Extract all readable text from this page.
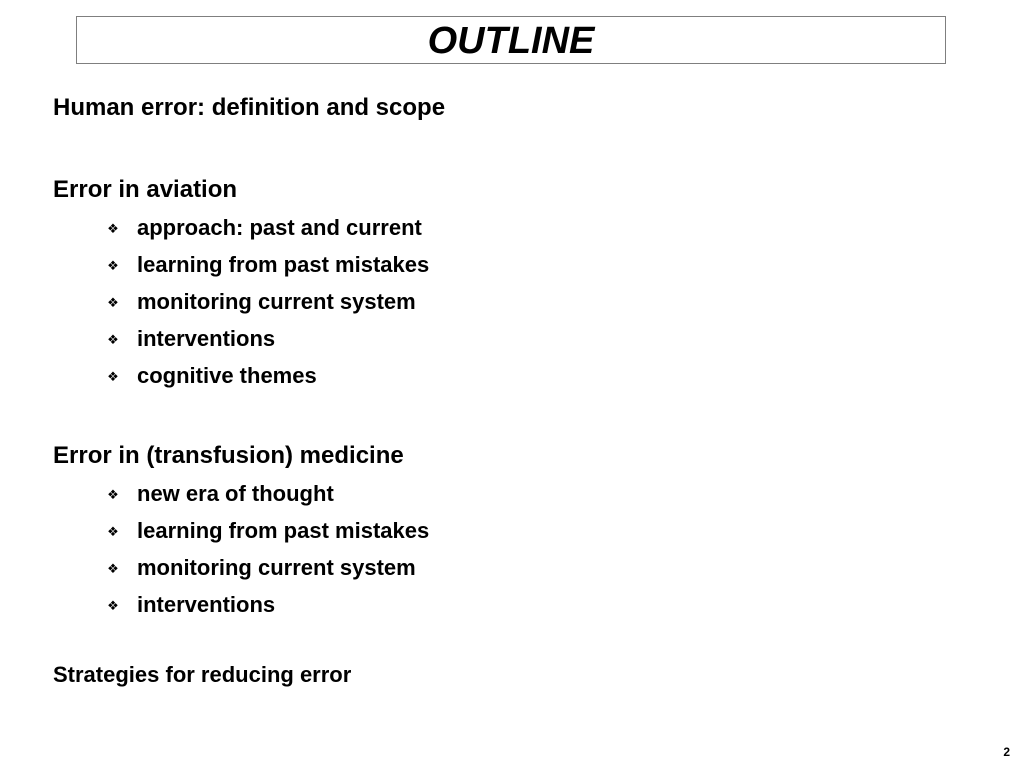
OUTLINE
Human error: definition and scope
Error in aviation
❖ approach: past and current
❖ learning from past mistakes
❖ monitoring current system
❖ interventions
❖ cognitive themes
Error in (transfusion) medicine
❖ new era of thought
❖ learning from past mistakes
❖ monitoring current system
❖ interventions
Strategies for reducing error
2
